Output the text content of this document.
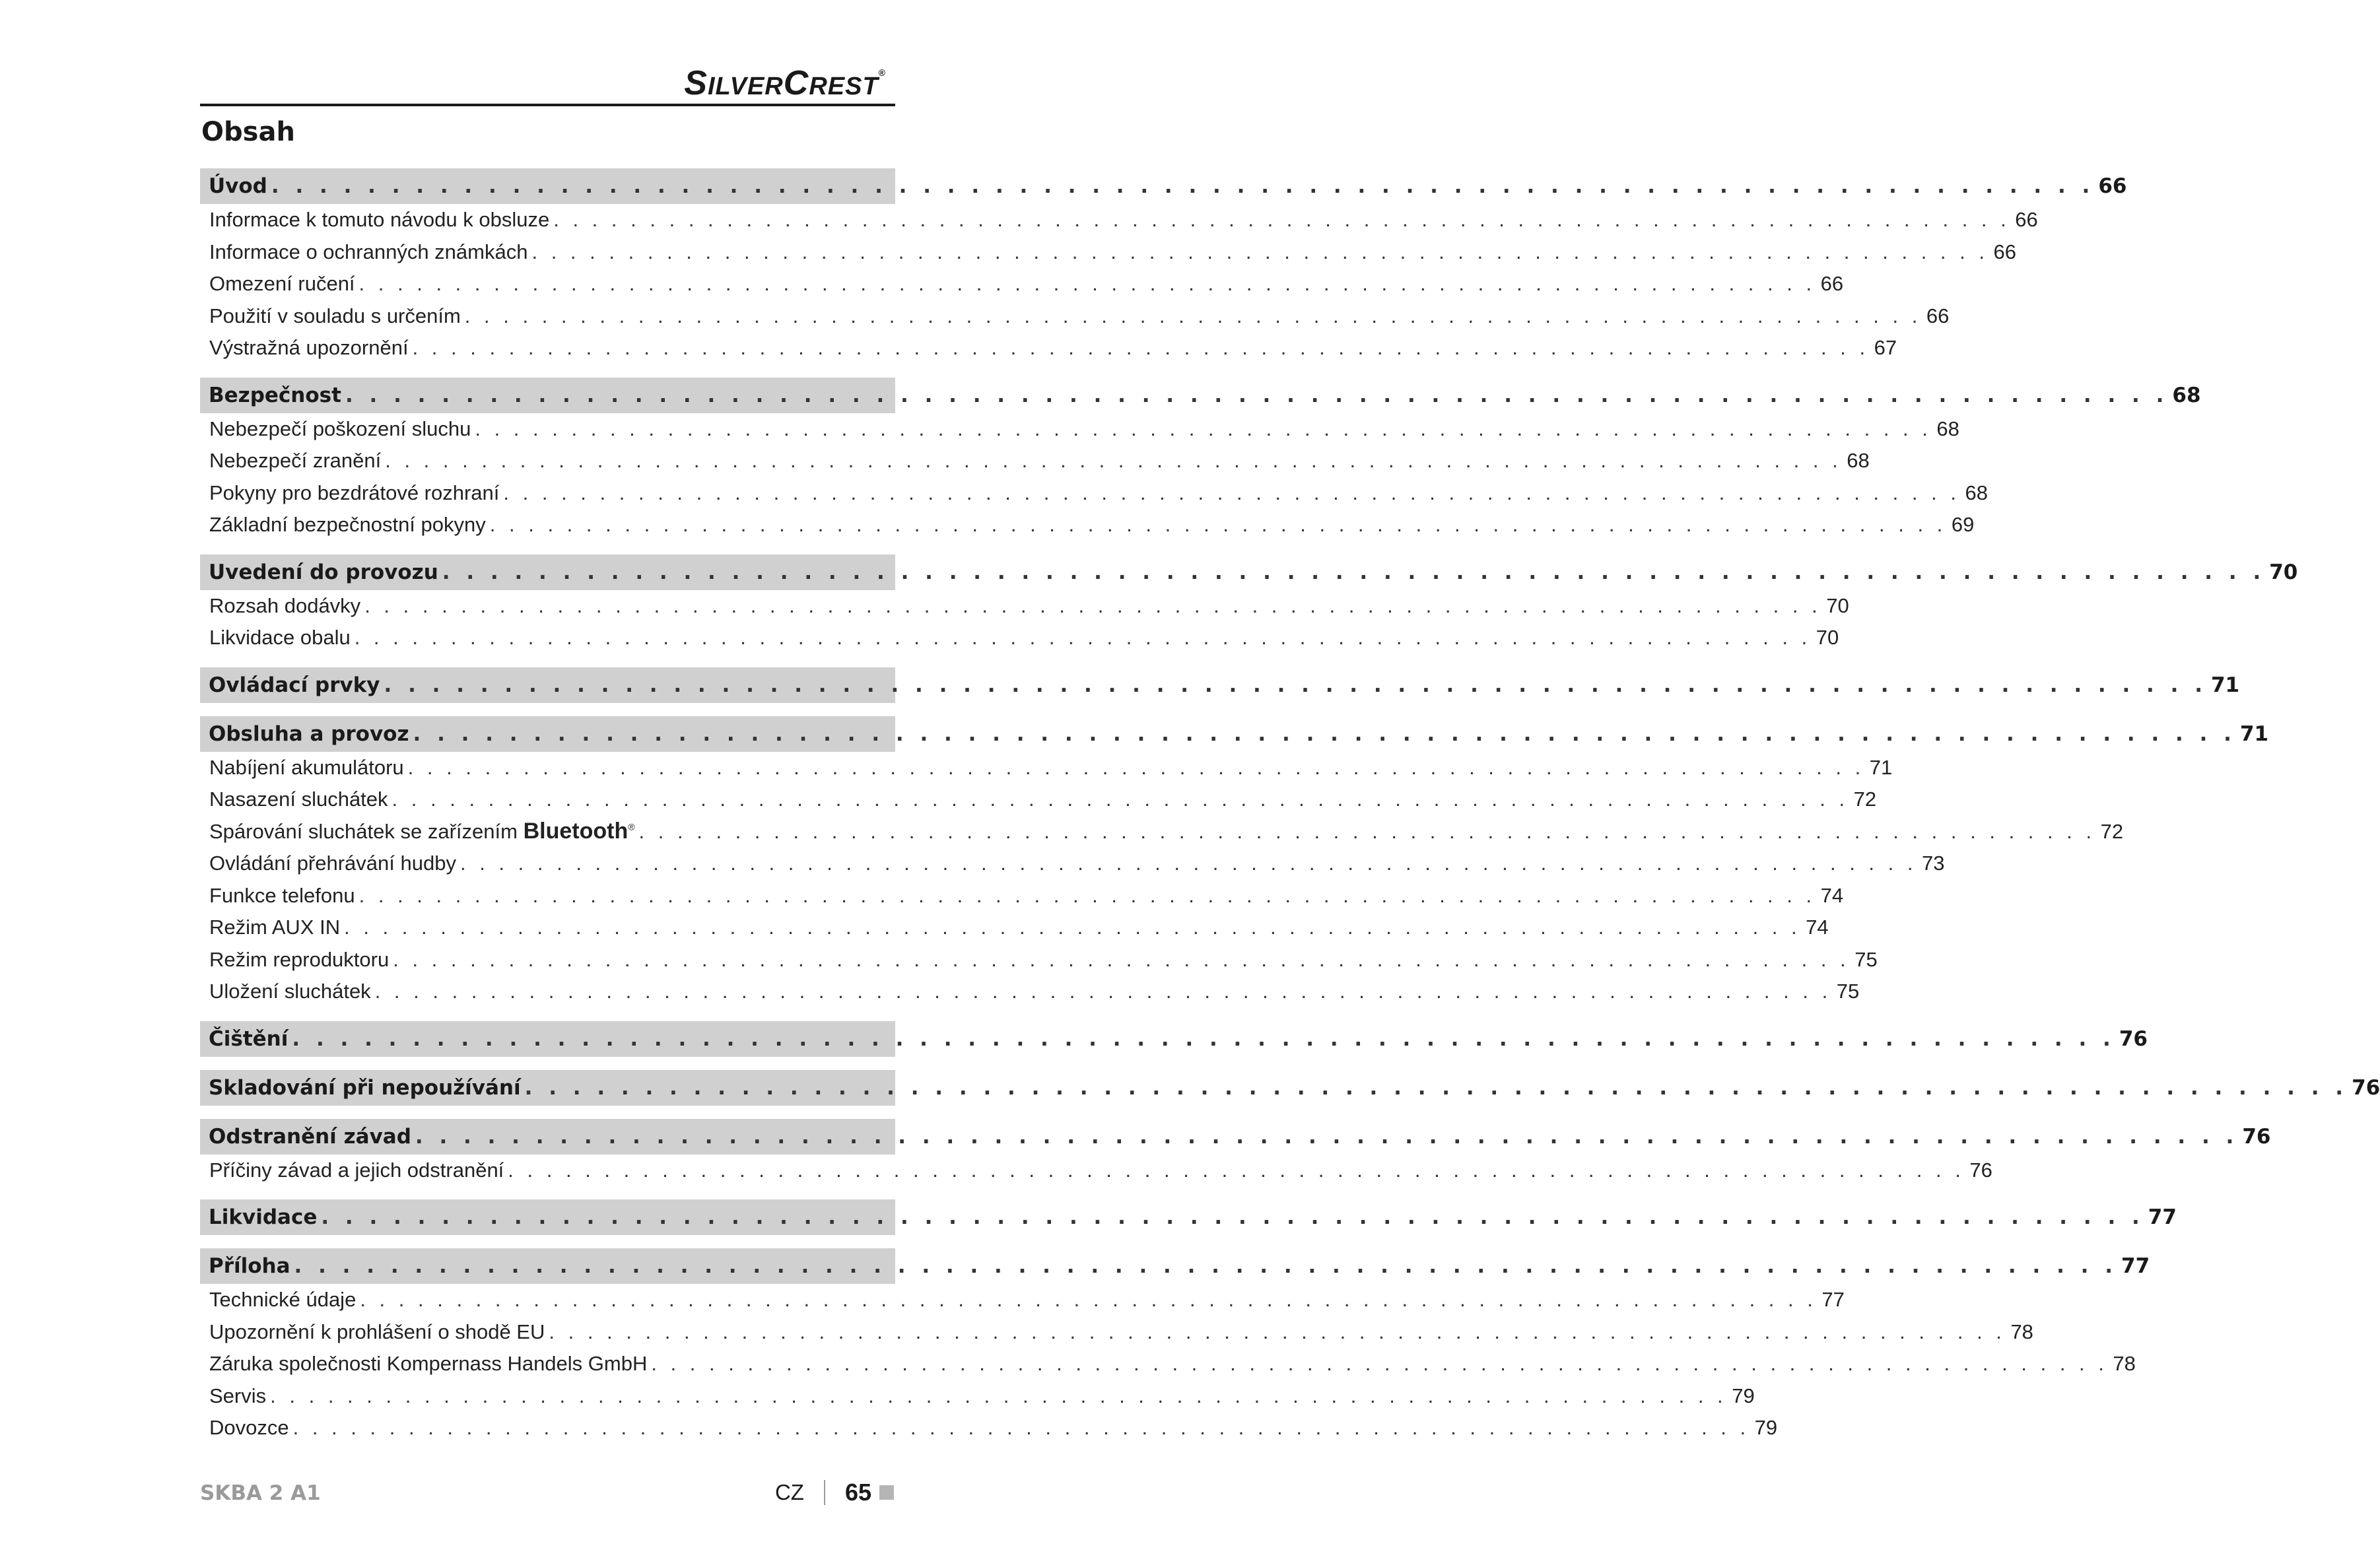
SILVERCREST®
Obsah
Úvod . . . . . . . . . . . . . . . . . . . . . . . . . . . . . . . . . . . . . . . . . . . . . . . . . . . . . . . . . . . . . . . . . . . . . . . . . . . . 66
Informace k tomuto návodu k obsluze . . . . . . . . . . . . . . . . . . . . . . . . . . . . . . . . . . . . . . . . . . . . . . . . . . . . . . . . . . . . . . . . . . . . . . . . . . . . 66
Informace o ochranných známkách . . . . . . . . . . . . . . . . . . . . . . . . . . . . . . . . . . . . . . . . . . . . . . . . . . . . . . . . . . . . . . . . . . . . . . . . . . . . 66
Omezení ručení . . . . . . . . . . . . . . . . . . . . . . . . . . . . . . . . . . . . . . . . . . . . . . . . . . . . . . . . . . . . . . . . . . . . . . . . . . . . 66
Použití v souladu s určením . . . . . . . . . . . . . . . . . . . . . . . . . . . . . . . . . . . . . . . . . . . . . . . . . . . . . . . . . . . . . . . . . . . . . . . . . . . . 66
Výstražná upozornění . . . . . . . . . . . . . . . . . . . . . . . . . . . . . . . . . . . . . . . . . . . . . . . . . . . . . . . . . . . . . . . . . . . . . . . . . . . . 67
Bezpečnost . . . . . . . . . . . . . . . . . . . . . . . . . . . . . . . . . . . . . . . . . . . . . . . . . . . . . . . . . . . . . . . . . . . . . . . . . . . . 68
Nebezpečí poškození sluchu . . . . . . . . . . . . . . . . . . . . . . . . . . . . . . . . . . . . . . . . . . . . . . . . . . . . . . . . . . . . . . . . . . . . . . . . . . . . 68
Nebezpečí zranění . . . . . . . . . . . . . . . . . . . . . . . . . . . . . . . . . . . . . . . . . . . . . . . . . . . . . . . . . . . . . . . . . . . . . . . . . . . . 68
Pokyny pro bezdrátové rozhraní . . . . . . . . . . . . . . . . . . . . . . . . . . . . . . . . . . . . . . . . . . . . . . . . . . . . . . . . . . . . . . . . . . . . . . . . . . . . 68
Základní bezpečnostní pokyny . . . . . . . . . . . . . . . . . . . . . . . . . . . . . . . . . . . . . . . . . . . . . . . . . . . . . . . . . . . . . . . . . . . . . . . . . . . . 69
Uvedení do provozu . . . . . . . . . . . . . . . . . . . . . . . . . . . . . . . . . . . . . . . . . . . . . . . . . . . . . . . . . . . . . . . . . . . . . . . . . . . . 70
Rozsah dodávky . . . . . . . . . . . . . . . . . . . . . . . . . . . . . . . . . . . . . . . . . . . . . . . . . . . . . . . . . . . . . . . . . . . . . . . . . . . . 70
Likvidace obalu . . . . . . . . . . . . . . . . . . . . . . . . . . . . . . . . . . . . . . . . . . . . . . . . . . . . . . . . . . . . . . . . . . . . . . . . . . . . 70
Ovládací prvky . . . . . . . . . . . . . . . . . . . . . . . . . . . . . . . . . . . . . . . . . . . . . . . . . . . . . . . . . . . . . . . . . . . . . . . . . . . . 71
Obsluha a provoz . . . . . . . . . . . . . . . . . . . . . . . . . . . . . . . . . . . . . . . . . . . . . . . . . . . . . . . . . . . . . . . . . . . . . . . . . . . . 71
Nabíjení akumulátoru . . . . . . . . . . . . . . . . . . . . . . . . . . . . . . . . . . . . . . . . . . . . . . . . . . . . . . . . . . . . . . . . . . . . . . . . . . . . 71
Nasazení sluchátek . . . . . . . . . . . . . . . . . . . . . . . . . . . . . . . . . . . . . . . . . . . . . . . . . . . . . . . . . . . . . . . . . . . . . . . . . . . . 72
Spárování sluchátek se zařízením Bluetooth® . . . . . . . . . . . . . . . . . . . . . . . . . . . . . . . . . . . . . . . . . . . . . . . . . . . . . . . . . . . . . . . . . . . . . . . . . . . . 72
Ovládání přehrávání hudby . . . . . . . . . . . . . . . . . . . . . . . . . . . . . . . . . . . . . . . . . . . . . . . . . . . . . . . . . . . . . . . . . . . . . . . . . . . . 73
Funkce telefonu . . . . . . . . . . . . . . . . . . . . . . . . . . . . . . . . . . . . . . . . . . . . . . . . . . . . . . . . . . . . . . . . . . . . . . . . . . . . 74
Režim AUX IN . . . . . . . . . . . . . . . . . . . . . . . . . . . . . . . . . . . . . . . . . . . . . . . . . . . . . . . . . . . . . . . . . . . . . . . . . . . . 74
Režim reproduktoru . . . . . . . . . . . . . . . . . . . . . . . . . . . . . . . . . . . . . . . . . . . . . . . . . . . . . . . . . . . . . . . . . . . . . . . . . . . . 75
Uložení sluchátek . . . . . . . . . . . . . . . . . . . . . . . . . . . . . . . . . . . . . . . . . . . . . . . . . . . . . . . . . . . . . . . . . . . . . . . . . . . . 75
Čištění . . . . . . . . . . . . . . . . . . . . . . . . . . . . . . . . . . . . . . . . . . . . . . . . . . . . . . . . . . . . . . . . . . . . . . . . . . . . 76
Skladování při nepoužívání . . . . . . . . . . . . . . . . . . . . . . . . . . . . . . . . . . . . . . . . . . . . . . . . . . . . . . . . . . . . . . . . . . . . . . . . . . . . 76
Odstranění závad . . . . . . . . . . . . . . . . . . . . . . . . . . . . . . . . . . . . . . . . . . . . . . . . . . . . . . . . . . . . . . . . . . . . . . . . . . . . 76
Příčiny závad a jejich odstranění . . . . . . . . . . . . . . . . . . . . . . . . . . . . . . . . . . . . . . . . . . . . . . . . . . . . . . . . . . . . . . . . . . . . . . . . . . . . 76
Likvidace . . . . . . . . . . . . . . . . . . . . . . . . . . . . . . . . . . . . . . . . . . . . . . . . . . . . . . . . . . . . . . . . . . . . . . . . . . . . 77
Příloha . . . . . . . . . . . . . . . . . . . . . . . . . . . . . . . . . . . . . . . . . . . . . . . . . . . . . . . . . . . . . . . . . . . . . . . . . . . . 77
Technické údaje . . . . . . . . . . . . . . . . . . . . . . . . . . . . . . . . . . . . . . . . . . . . . . . . . . . . . . . . . . . . . . . . . . . . . . . . . . . . 77
Upozornění k prohlášení o shodě EU . . . . . . . . . . . . . . . . . . . . . . . . . . . . . . . . . . . . . . . . . . . . . . . . . . . . . . . . . . . . . . . . . . . . . . . . . . . . 78
Záruka společnosti Kompernass Handels GmbH . . . . . . . . . . . . . . . . . . . . . . . . . . . . . . . . . . . . . . . . . . . . . . . . . . . . . . . . . . . . . . . . . . . . . . . . . . . . 78
Servis . . . . . . . . . . . . . . . . . . . . . . . . . . . . . . . . . . . . . . . . . . . . . . . . . . . . . . . . . . . . . . . . . . . . . . . . . . . . 79
Dovozce . . . . . . . . . . . . . . . . . . . . . . . . . . . . . . . . . . . . . . . . . . . . . . . . . . . . . . . . . . . . . . . . . . . . . . . . . . . . 79
SKBA 2 A1	CZ 65
